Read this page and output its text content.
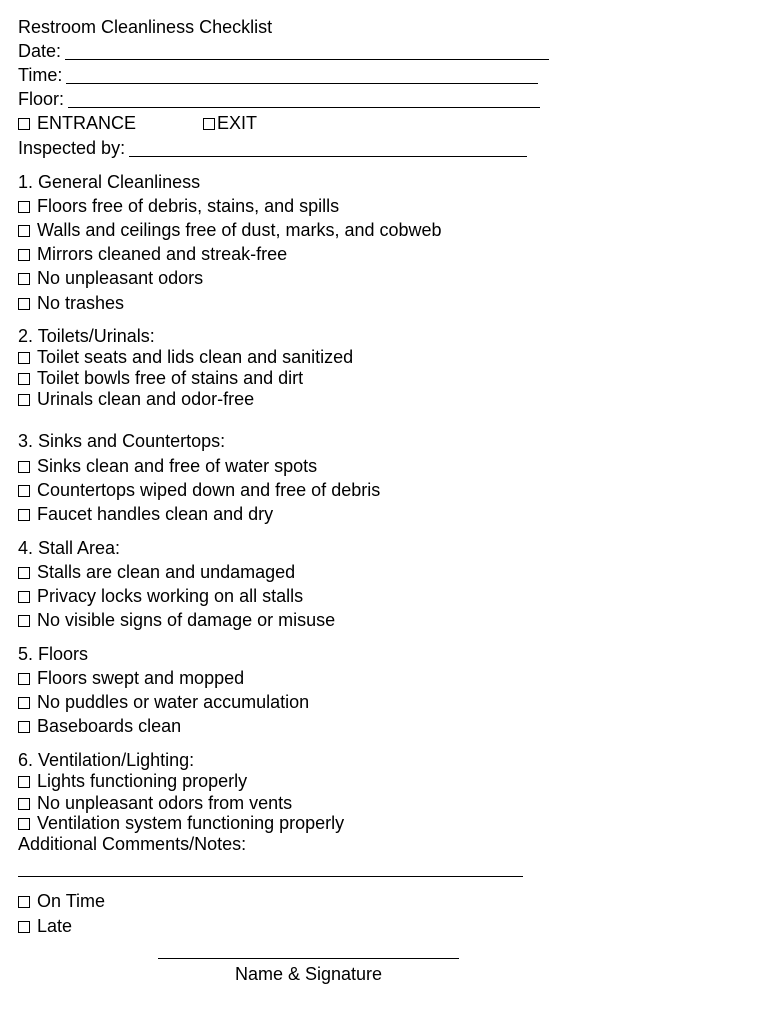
Restroom Cleanliness Checklist
Date:
Time:
Floor:
ENTRANCE	EXIT
Inspected by:
1. General Cleanliness
Floors free of debris, stains, and spills
Walls and ceilings free of dust, marks, and cobweb
Mirrors cleaned and streak-free
No unpleasant odors
No trashes
2. Toilets/Urinals:
Toilet seats and lids clean and sanitized
Toilet bowls free of stains and dirt
Urinals clean and odor-free
3. Sinks and Countertops:
Sinks clean and free of water spots
Countertops wiped down and free of debris
Faucet handles clean and dry
4. Stall Area:
Stalls are clean and undamaged
Privacy locks working on all stalls
No visible signs of damage or misuse
5. Floors
Floors swept and mopped
No puddles or water accumulation
Baseboards clean
6. Ventilation/Lighting:
Lights functioning properly
No unpleasant odors from vents
Ventilation system functioning properly
Additional Comments/Notes:
On Time
Late
Name & Signature
